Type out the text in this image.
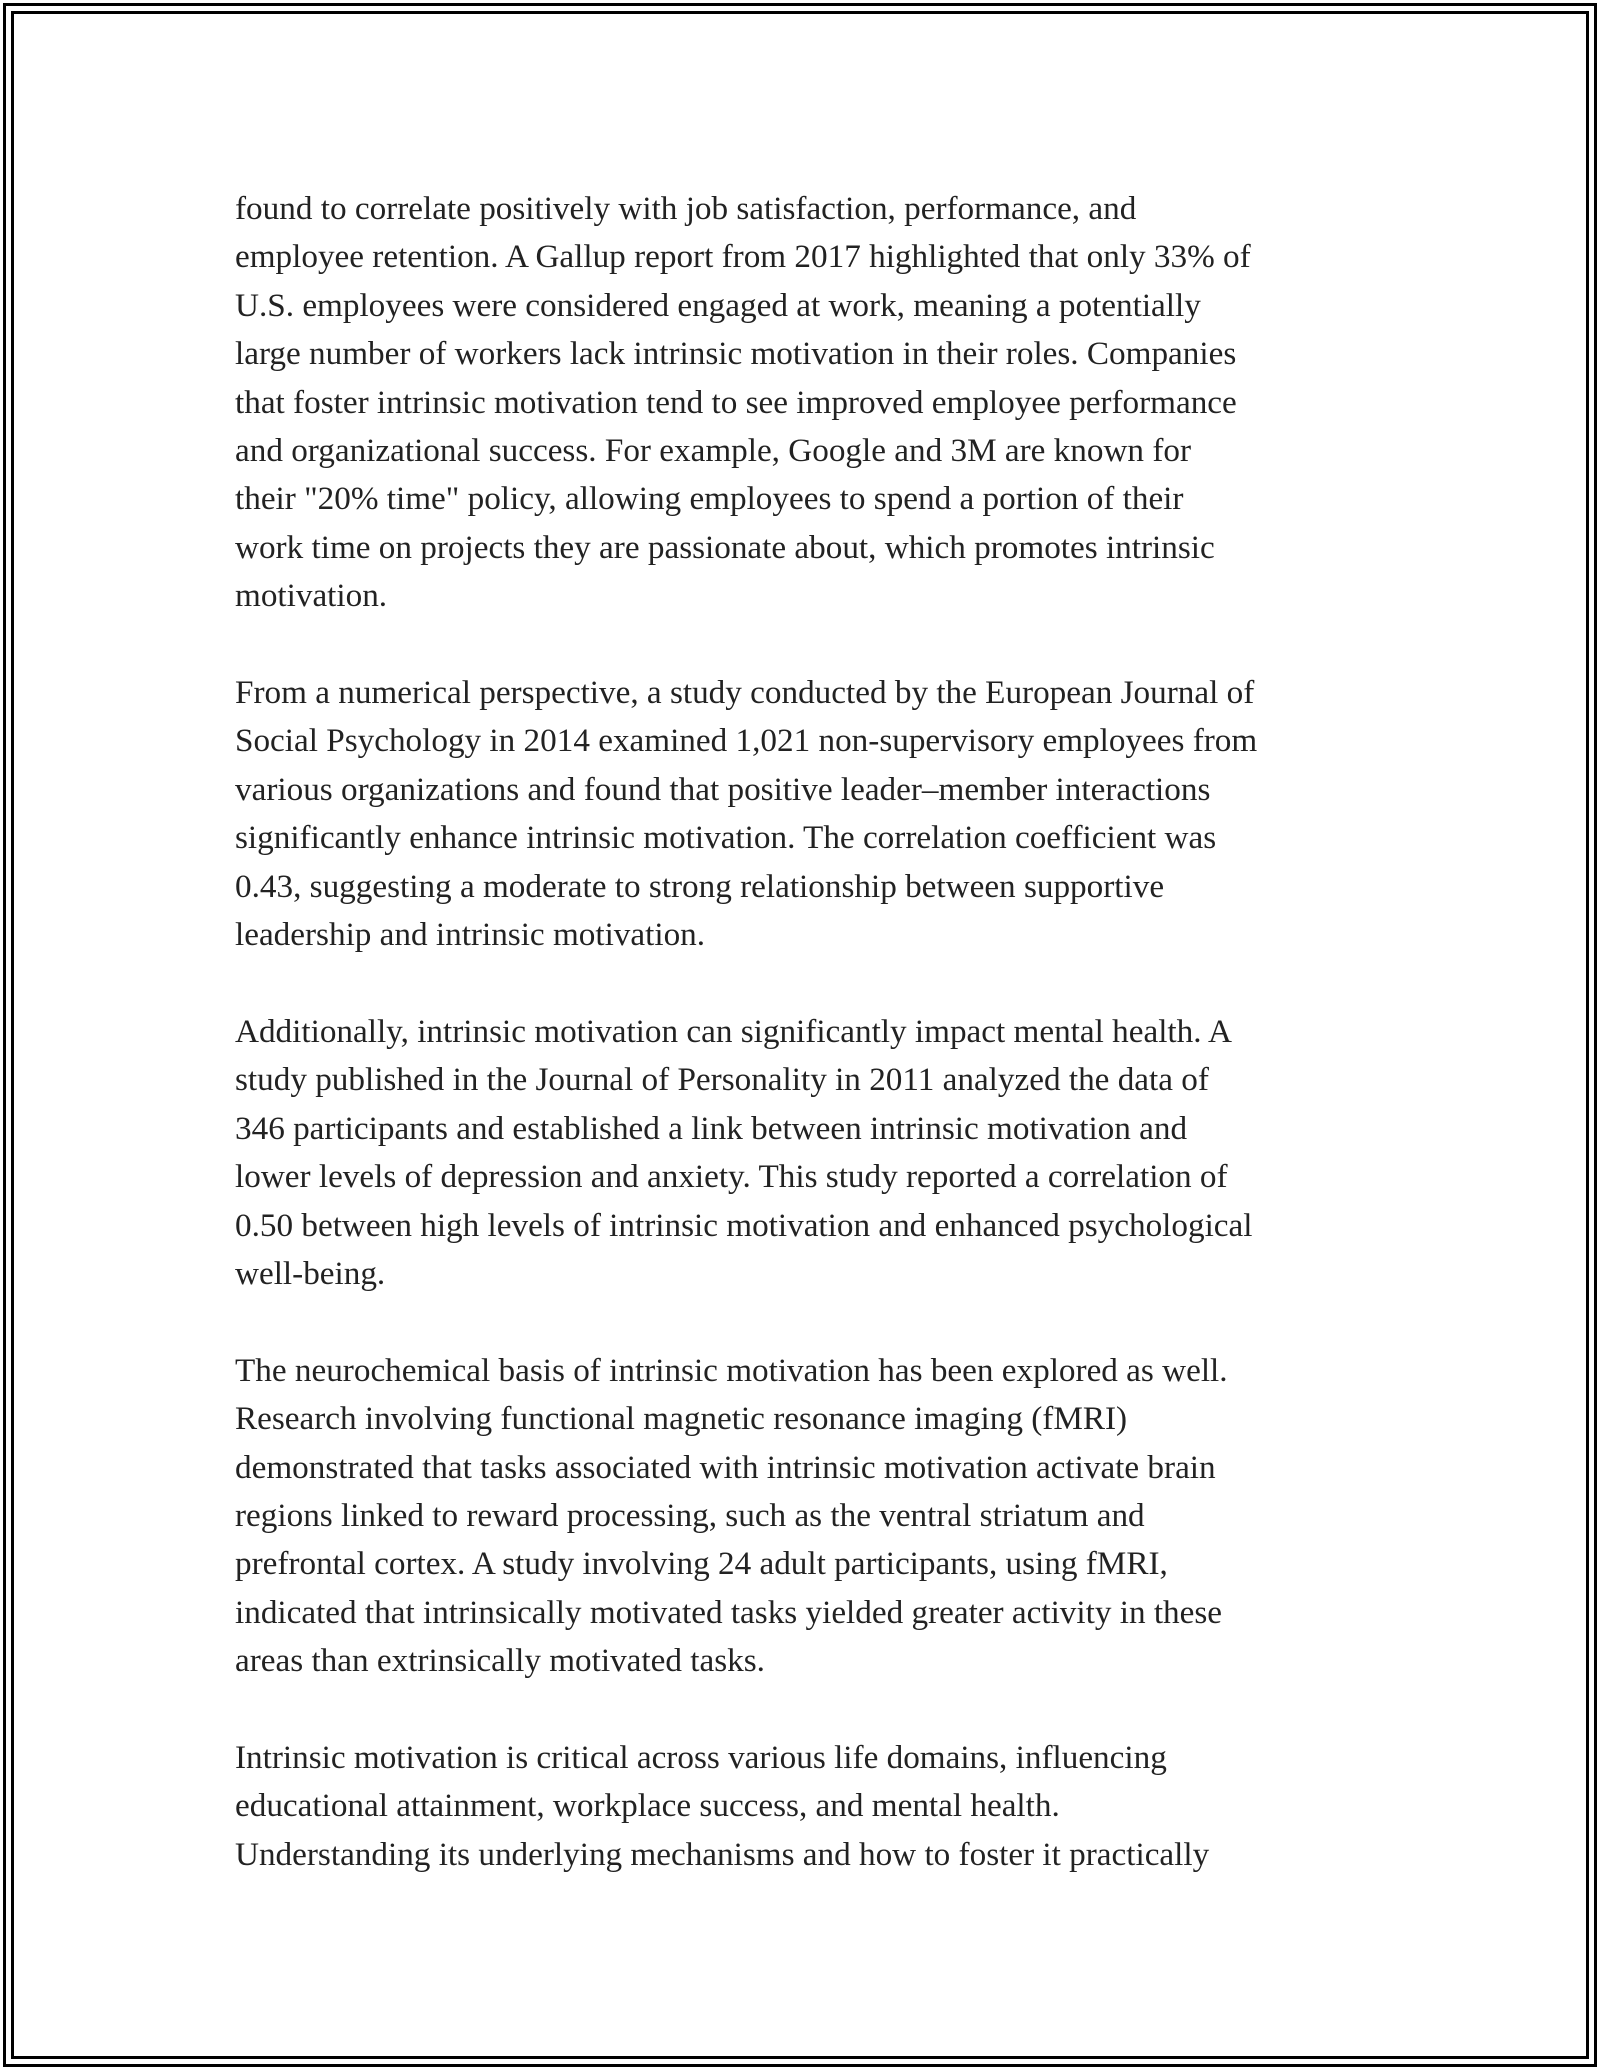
found to correlate positively with job satisfaction, performance, and
employee retention. A Gallup report from 2017 highlighted that only 33% of
U.S. employees were considered engaged at work, meaning a potentially
large number of workers lack intrinsic motivation in their roles. Companies
that foster intrinsic motivation tend to see improved employee performance
and organizational success. For example, Google and 3M are known for
their "20% time" policy, allowing employees to spend a portion of their
work time on projects they are passionate about, which promotes intrinsic
motivation.

From a numerical perspective, a study conducted by the European Journal of
Social Psychology in 2014 examined 1,021 non-supervisory employees from
various organizations and found that positive leader–member interactions
significantly enhance intrinsic motivation. The correlation coefficient was
0.43, suggesting a moderate to strong relationship between supportive
leadership and intrinsic motivation.

Additionally, intrinsic motivation can significantly impact mental health. A
study published in the Journal of Personality in 2011 analyzed the data of
346 participants and established a link between intrinsic motivation and
lower levels of depression and anxiety. This study reported a correlation of
0.50 between high levels of intrinsic motivation and enhanced psychological
well-being.

The neurochemical basis of intrinsic motivation has been explored as well.
Research involving functional magnetic resonance imaging (fMRI)
demonstrated that tasks associated with intrinsic motivation activate brain
regions linked to reward processing, such as the ventral striatum and
prefrontal cortex. A study involving 24 adult participants, using fMRI,
indicated that intrinsically motivated tasks yielded greater activity in these
areas than extrinsically motivated tasks.

Intrinsic motivation is critical across various life domains, influencing
educational attainment, workplace success, and mental health.
Understanding its underlying mechanisms and how to foster it practically
